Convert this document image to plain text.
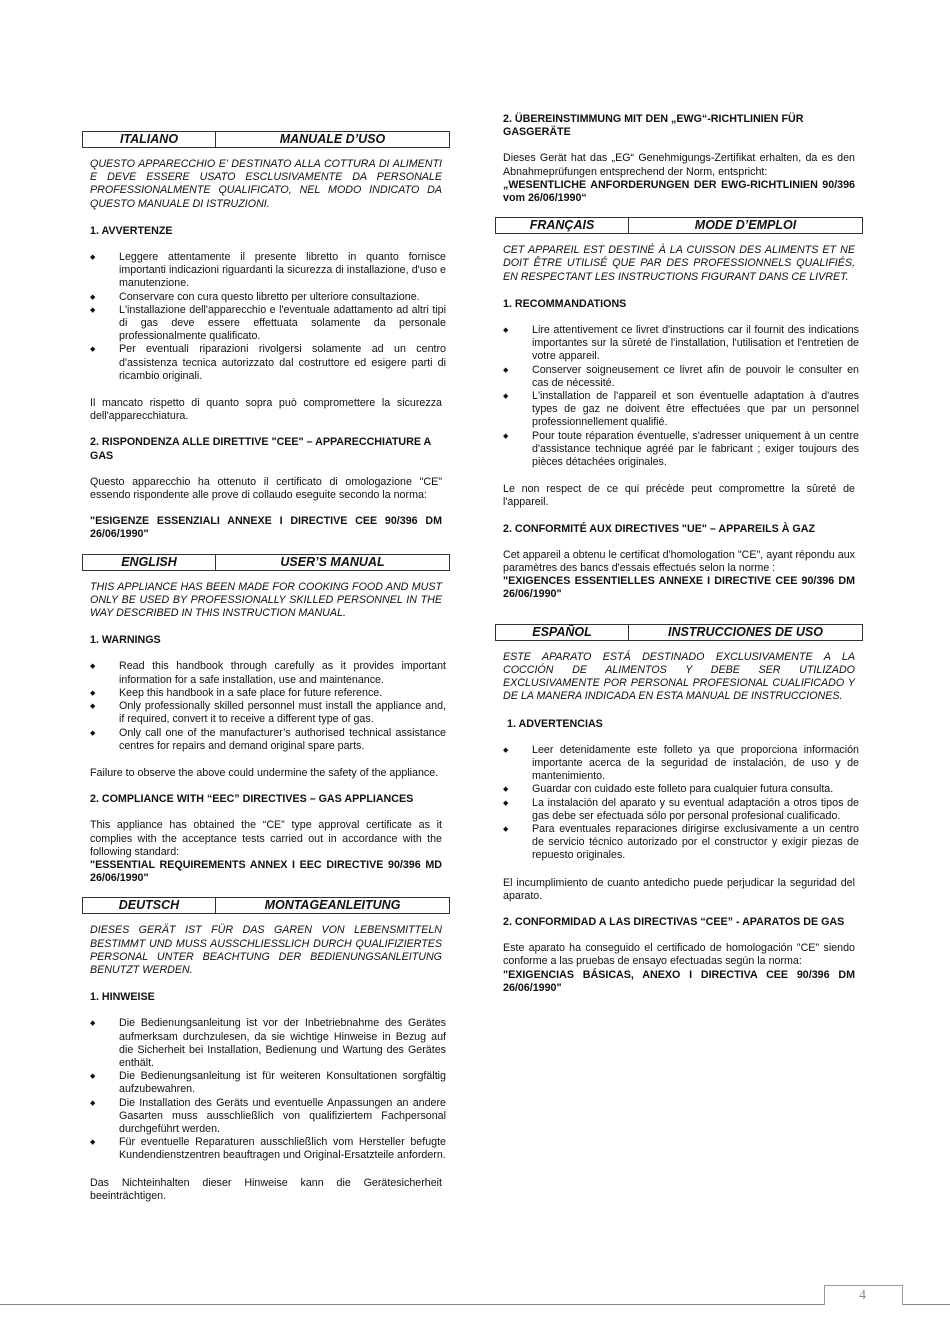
ITALIANO	MANUALE D’USO
QUESTO APPARECCHIO E’ DESTINATO ALLA COTTURA DI ALIMENTI E DEVE ESSERE USATO ESCLUSIVAMENTE DA PERSONALE PROFESSIONALMENTE QUALIFICATO, NEL MODO INDICATO DA QUESTO MANUALE DI ISTRUZIONI.
1. AVVERTENZE
◆ Leggere attentamente il presente libretto in quanto fornisce importanti indicazioni riguardanti la sicurezza di installazione, d'uso e manutenzione.
◆ Conservare con cura questo libretto per ulteriore consultazione.
◆ L'installazione dell'apparecchio e l'eventuale adattamento ad altri tipi di gas deve essere effettuata solamente da personale professionalmente qualificato.
◆ Per eventuali riparazioni rivolgersi solamente ad un centro d'assistenza tecnica autorizzato dal costruttore ed esigere parti di ricambio originali.

Il mancato rispetto di quanto sopra può compromettere la sicurezza dell'apparecchiatura.

2. RISPONDENZA ALLE DIRETTIVE "CEE" – APPARECCHIATURE A GAS

Questo apparecchio ha ottenuto il certificato di omologazione "CE" essendo rispondente alle prove di collaudo eseguite secondo la norma:

"ESIGENZE ESSENZIALI ANNEXE I DIRECTIVE CEE 90/396 DM 26/06/1990"
ENGLISH	USER’S MANUAL
THIS APPLIANCE HAS BEEN MADE FOR COOKING FOOD AND MUST ONLY BE USED BY PROFESSIONALLY SKILLED PERSONNEL IN THE WAY DESCRIBED IN THIS INSTRUCTION MANUAL.
1. WARNINGS
◆ Read this handbook through carefully as it provides important information for a safe installation, use and maintenance.
◆ Keep this handbook in a safe place for future reference.
◆ Only professionally skilled personnel must install the appliance and, if required, convert it to receive a different type of gas.
◆ Only call one of the manufacturer’s authorised technical assistance centres for repairs and demand original spare parts.

Failure to observe the above could undermine the safety of the appliance.

2. COMPLIANCE WITH “EEC” DIRECTIVES – GAS APPLIANCES

This appliance has obtained the “CE” type approval certificate as it complies with the acceptance tests carried out in accordance with the following standard:

"ESSENTIAL REQUIREMENTS ANNEX I EEC DIRECTIVE 90/396 MD 26/06/1990"
DEUTSCH	MONTAGEANLEITUNG
DIESES GERÄT IST FÜR DAS GAREN VON LEBENSMITTELN BESTIMMT UND MUSS AUSSCHLIESSLICH DURCH QUALIFIZIERTES PERSONAL UNTER BEACHTUNG DER BEDIENUNGSANLEITUNG BENUTZT WERDEN.
1. HINWEISE
◆ Die Bedienungsanleitung ist vor der Inbetriebnahme des Gerätes aufmerksam durchzulesen, da sie wichtige Hinweise in Bezug auf die Sicherheit bei Installation, Bedienung und Wartung des Gerätes enthält.
◆ Die Bedienungsanleitung ist für weiteren Konsultationen sorgfältig aufzubewahren.
◆ Die Installation des Geräts und eventuelle Anpassungen an andere Gasarten muss ausschließlich von qualifiziertem Fachpersonal durchgeführt werden.
◆ Für eventuelle Reparaturen ausschließlich vom Hersteller befugte Kundendienstzentren beauftragen und Original-Ersatzteile anfordern.

Das Nichteinhalten dieser Hinweise kann die Gerätesicherheit beeinträchtigen.

2. ÜBEREINSTIMMUNG MIT DEN „EWG“-RICHTLINIEN FÜR GASGERÄTE

Dieses Gerät hat das „EG“ Genehmigungs-Zertifikat erhalten, da es den Abnahmeprüfungen entsprechend der Norm, entspricht:

„WESENTLICHE ANFORDERUNGEN DER EWG-RICHTLINIEN 90/396 vom 26/06/1990“
FRANÇAIS	MODE D’EMPLOI
CET APPAREIL EST DESTINÉ À LA CUISSON DES ALIMENTS ET NE DOIT ÊTRE UTILISÉ QUE PAR DES PROFESSIONNELS QUALIFIÉS, EN RESPECTANT LES INSTRUCTIONS FIGURANT DANS CE LIVRET.
1. RECOMMANDATIONS
◆ Lire attentivement ce livret d'instructions car il fournit des indications importantes sur la sûreté de l'installation, l'utilisation et l'entretien de votre appareil.
◆ Conserver soigneusement ce livret afin de pouvoir le consulter en cas de nécessité.
◆ L'installation de l'appareil et son éventuelle adaptation à d'autres types de gaz ne doivent être effectuées que par un personnel professionnellement qualifié.
◆ Pour toute réparation éventuelle, s'adresser uniquement à un centre d'assistance technique agréé par le fabricant ; exiger toujours des pièces détachées originales.

Le non respect de ce qui précède peut compromettre la sûreté de l'appareil.

2. CONFORMITÉ AUX DIRECTIVES "UE" – APPAREILS À GAZ

Cet appareil a obtenu le certificat d'homologation "CE", ayant répondu aux paramètres des bancs d'essais effectués selon la norme :

"EXIGENCES ESSENTIELLES ANNEXE I DIRECTIVE CEE 90/396 DM 26/06/1990"
ESPAÑOL	INSTRUCCIONES DE USO
ESTE APARATO ESTÁ DESTINADO EXCLUSIVAMENTE A LA COCCIÓN DE ALIMENTOS Y DEBE SER UTILIZADO EXCLUSIVAMENTE POR PERSONAL PROFESIONAL CUALIFICADO Y DE LA MANERA INDICADA EN ESTA MANUAL DE INSTRUCCIONES.
1. ADVERTENCIAS
◆ Leer detenidamente este folleto ya que proporciona información importante acerca de la seguridad de instalación, de uso y de mantenimiento.
◆ Guardar con cuidado este folleto para cualquier futura consulta.
◆ La instalación del aparato y su eventual adaptación a otros tipos de gas debe ser efectuada sólo por personal profesional cualificado.
◆ Para eventuales reparaciones dirigirse exclusivamente a un centro de servicio técnico autorizado por el constructor y exigir piezas de repuesto originales.

El incumplimiento de cuanto antedicho puede perjudicar la seguridad del aparato.

2. CONFORMIDAD A LAS DIRECTIVAS “CEE” - APARATOS DE GAS

Este aparato ha conseguido el certificado de homologación "CE" siendo conforme a las pruebas de ensayo efectuadas según la norma:

"EXIGENCIAS BÁSICAS, ANEXO I DIRECTIVA CEE 90/396 DM 26/06/1990"
4
